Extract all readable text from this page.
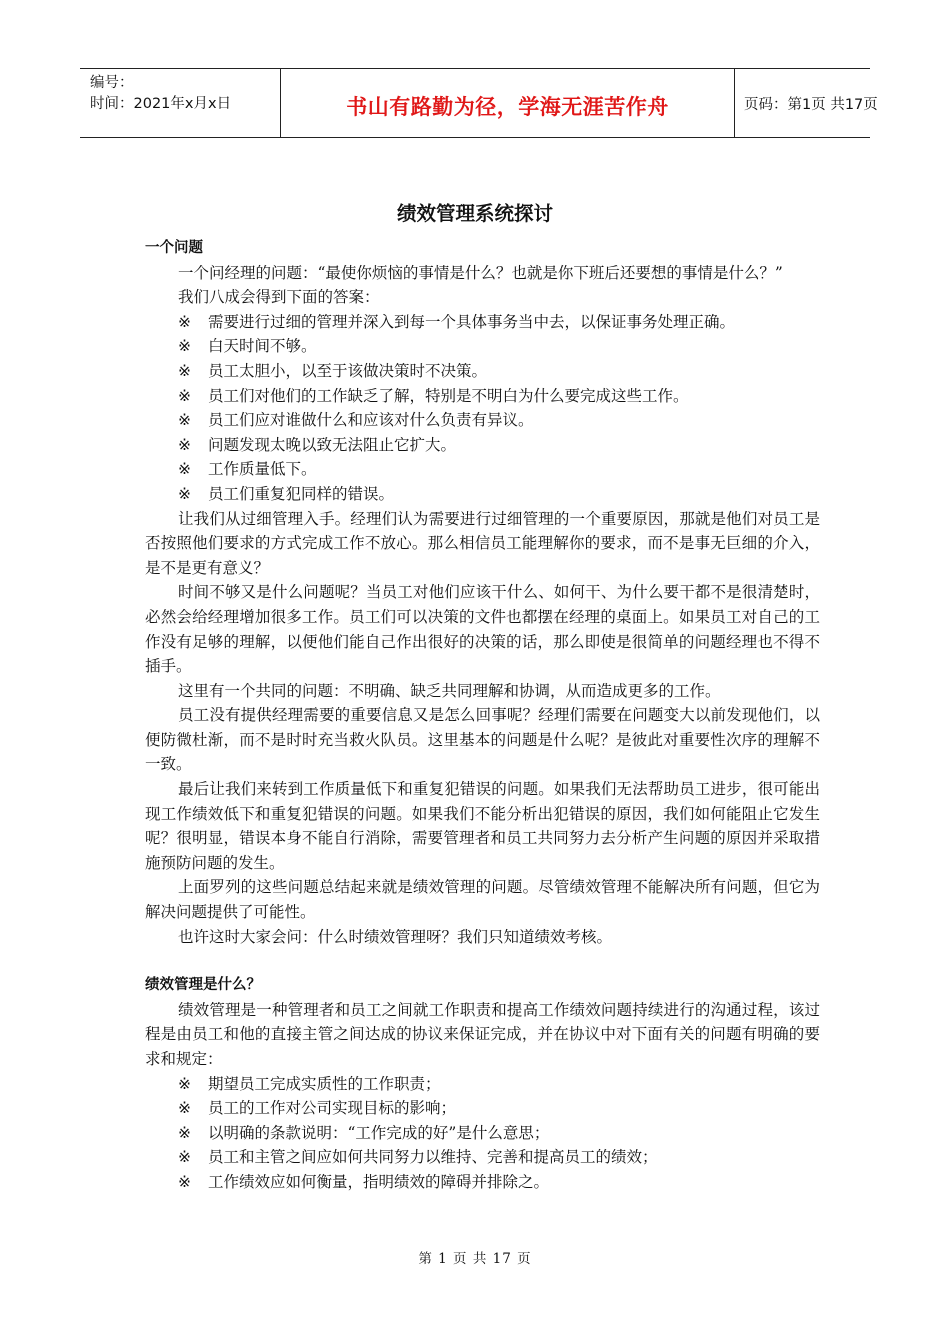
编号：
时间：2021年x月x日	书山有路勤为径，学海无涯苦作舟	页码：第1页 共17页
绩效管理系统探讨
一个问题

一个问经理的问题：“最使你烦恼的事情是什么？也就是你下班后还要想的事情是什么？”

我们八成会得到下面的答案：

※ 需要进行过细的管理并深入到每一个具体事务当中去，以保证事务处理正确。

※ 白天时间不够。

※ 员工太胆小，以至于该做决策时不决策。

※ 员工们对他们的工作缺乏了解，特别是不明白为什么要完成这些工作。

※ 员工们应对谁做什么和应该对什么负责有异议。

※ 问题发现太晚以致无法阻止它扩大。

※ 工作质量低下。

※ 员工们重复犯同样的错误。

让我们从过细管理入手。经理们认为需要进行过细管理的一个重要原因，那就是他们对员工是否按照他们要求的方式完成工作不放心。那么相信员工能理解你的要求，而不是事无巨细的介入，是不是更有意义？

时间不够又是什么问题呢？当员工对他们应该干什么、如何干、为什么要干都不是很清楚时，必然会给经理增加很多工作。员工们可以决策的文件也都摆在经理的桌面上。如果员工对自己的工作没有足够的理解，以便他们能自己作出很好的决策的话，那么即使是很简单的问题经理也不得不插手。

这里有一个共同的问题：不明确、缺乏共同理解和协调，从而造成更多的工作。

员工没有提供经理需要的重要信息又是怎么回事呢？经理们需要在问题变大以前发现他们，以便防微杜渐，而不是时时充当救火队员。这里基本的问题是什么呢？是彼此对重要性次序的理解不一致。

最后让我们来转到工作质量低下和重复犯错误的问题。如果我们无法帮助员工进步，很可能出现工作绩效低下和重复犯错误的问题。如果我们不能分析出犯错误的原因，我们如何能阻止它发生呢？很明显，错误本身不能自行消除，需要管理者和员工共同努力去分析产生问题的原因并采取措施预防问题的发生。

上面罗列的这些问题总结起来就是绩效管理的问题。尽管绩效管理不能解决所有问题，但它为解决问题提供了可能性。

也许这时大家会问：什么时绩效管理呀？我们只知道绩效考核。

绩效管理是什么？

绩效管理是一种管理者和员工之间就工作职责和提高工作绩效问题持续进行的沟通过程，该过程是由员工和他的直接主管之间达成的协议来保证完成，并在协议中对下面有关的问题有明确的要求和规定：

※ 期望员工完成实质性的工作职责；

※ 员工的工作对公司实现目标的影响；

※ 以明确的条款说明：“工作完成的好”是什么意思；

※ 员工和主管之间应如何共同努力以维持、完善和提高员工的绩效；

※ 工作绩效应如何衡量，指明绩效的障碍并排除之。

第 1 页 共 17 页
